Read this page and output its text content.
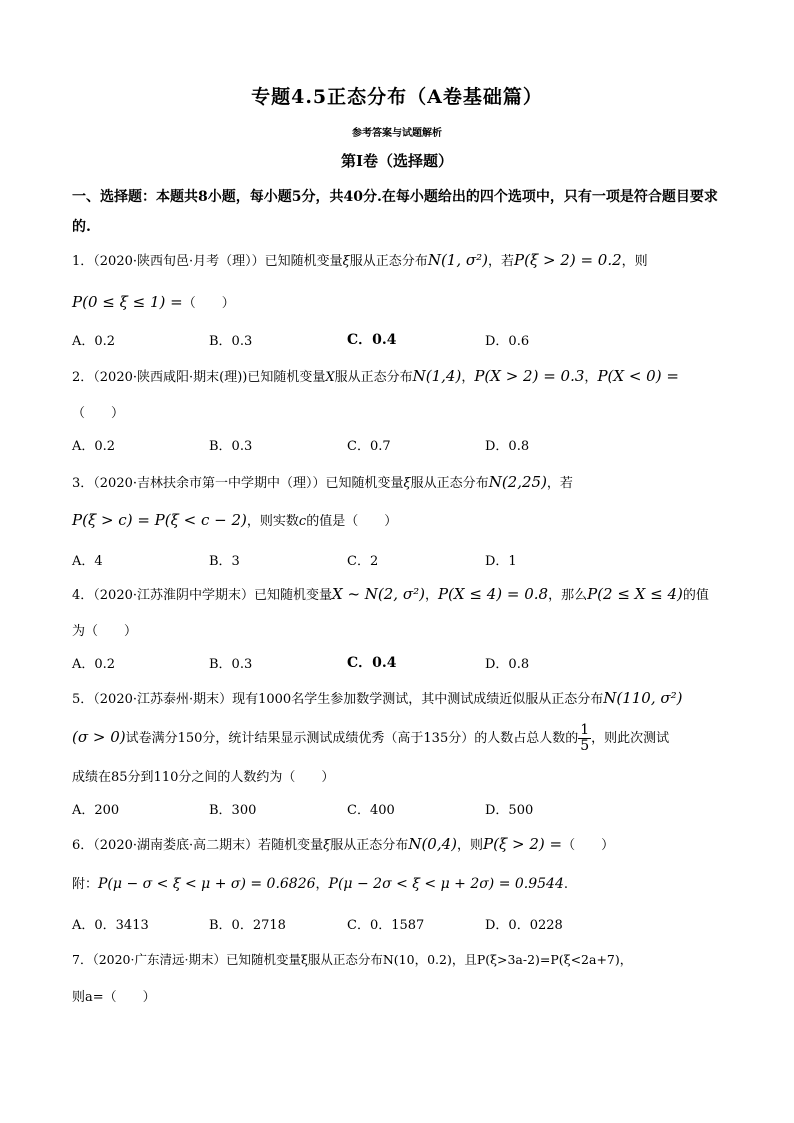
专题4.5正态分布（A卷基础篇）
参考答案与试题解析
第Ⅰ卷（选择题）
一、选择题：本题共8小题，每小题5分，共40分.在每小题给出的四个选项中，只有一项是符合题目要求的.
1．（2020·陕西旬邑·月考（理））已知随机变量ξ服从正态分布N(1, σ²)，若P(ξ > 2) = 0.2，则
P(0 ≤ ξ ≤ 1) =（　　）
A．0.2	B．0.3	C．0.4	D．0.6
2．（2020·陕西咸阳·期末(理))已知随机变量X服从正态分布N(1,4)，P(X > 2) = 0.3，P(X < 0) =
（　　）
A．0.2	B．0.3	C．0.7	D．0.8
3．（2020·吉林扶余市第一中学期中（理））已知随机变量ξ服从正态分布N(2,25)，若
P(ξ > c) = P(ξ < c − 2)，则实数c的值是（　　）
A．4	B．3	C．2	D．1
4．（2020·江苏淮阴中学期末）已知随机变量X ~ N(2, σ²)，P(X ≤ 4) = 0.8，那么P(2 ≤ X ≤ 4)的值
为（　　）
A．0.2	B．0.3	C．0.4	D．0.8
5．（2020·江苏泰州·期末）现有1000名学生参加数学测试，其中测试成绩近似服从正态分布N(110, σ²)
(σ > 0)试卷满分150分，统计结果显示测试成绩优秀（高于135分）的人数占总人数的 $\frac{1}{5}$ ，则此次测试
成绩在85分到110分之间的人数约为（　　）
A．200	B．300	C．400	D．500
6．（2020·湖南娄底·高二期末）若随机变量ξ服从正态分布N(0,4)，则P(ξ > 2) =（　　）
附：P(μ − σ < ξ < μ + σ) = 0.6826，P(μ − 2σ < ξ < μ + 2σ) = 0.9544.
A．0．3413	B．0．2718	C．0．1587	D．0．0228
7．（2020·广东清远·期末）已知随机变量ξ服从正态分布N(10，0.2)，且P(ξ>3a-2)=P(ξ<2a+7)，
则a=（　　）
